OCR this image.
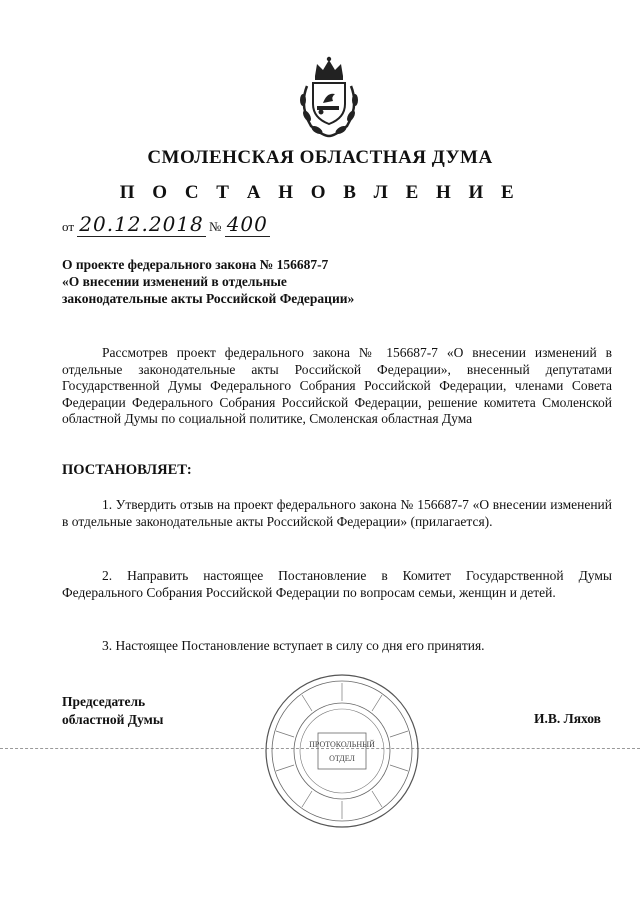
СМОЛЕНСКАЯ ОБЛАСТНАЯ ДУМА
П О С Т А Н О В Л Е Н И Е
от 20.12.2018 № 400
О проекте федерального закона № 156687-7
«О внесении изменений в отдельные
законодательные акты Российской Федерации»
Рассмотрев проект федерального закона № 156687-7 «О внесении изменений в отдельные законодательные акты Российской Федерации», внесенный депутатами Государственной Думы Федерального Собрания Российской Федерации, членами Совета Федерации Федерального Собрания Российской Федерации, решение комитета Смоленской областной Думы по социальной политике, Смоленская областная Дума
ПОСТАНОВЛЯЕТ:
1. Утвердить отзыв на проект федерального закона № 156687-7 «О внесении изменений в отдельные законодательные акты Российской Федерации» (прилагается).
2. Направить настоящее Постановление в Комитет Государственной Думы Федерального Собрания Российской Федерации по вопросам семьи, женщин и детей.
3. Настоящее Постановление вступает в силу со дня его принятия.
Председатель
областной Думы
ПРОТОКОЛЬНЫЙ
ОТДЕЛ
И.В. Ляхов
